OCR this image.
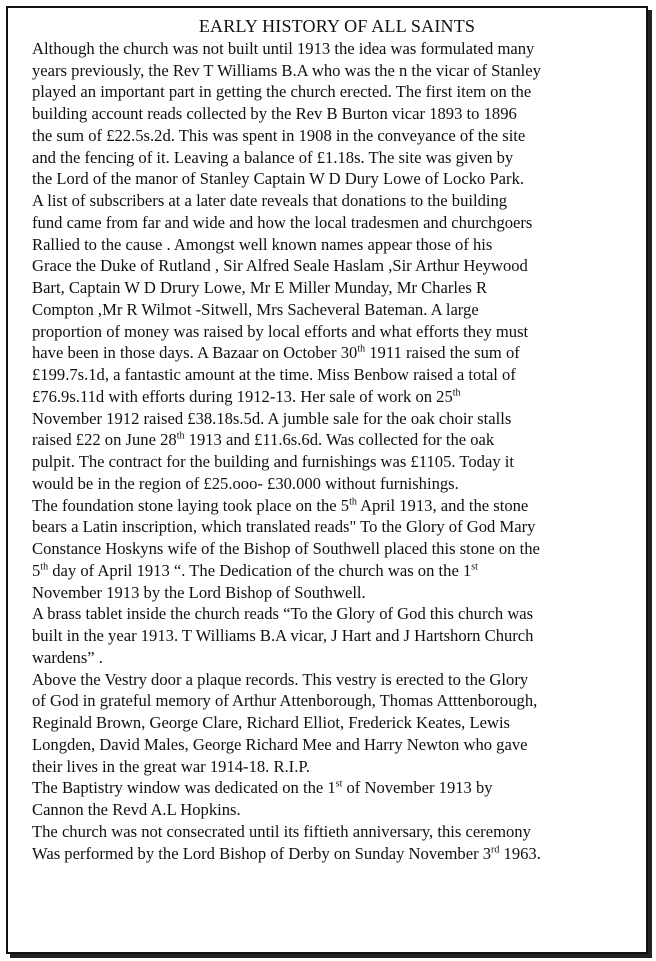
EARLY HISTORY OF ALL SAINTS
Although the church was not built until 1913 the idea was formulated many
years previously, the Rev T Williams B.A who was the n the vicar of Stanley
played an important part in getting the church erected. The first item on the
building account reads collected by the Rev B Burton vicar 1893 to 1896
the sum of £22.5s.2d. This was spent in 1908 in the conveyance of the site
and the fencing of it. Leaving a balance of £1.18s. The site was given by
the Lord of the manor of Stanley Captain W D Dury Lowe of Locko Park.
A list of subscribers at a later date reveals that donations to the building
fund came from far and wide and how the local tradesmen and churchgoers
Rallied to the cause . Amongst well known names appear those of his
Grace the Duke of Rutland , Sir Alfred Seale Haslam ,Sir Arthur Heywood
Bart, Captain W D Drury Lowe, Mr E Miller Munday, Mr Charles R
Compton ,Mr R Wilmot -Sitwell, Mrs Sacheveral Bateman. A large
proportion of money was raised by local efforts and what efforts they must
have been in those days. A Bazaar on October 30th 1911 raised the sum of
£199.7s.1d, a fantastic amount at the time. Miss Benbow raised a total of
£76.9s.11d with efforts during 1912-13. Her sale of work on 25th
November 1912 raised £38.18s.5d. A jumble sale for the oak choir stalls
raised £22 on June 28th 1913 and £11.6s.6d. Was collected for the oak
pulpit. The contract for the building and furnishings was £1105. Today it
would be in the region of £25.ooo- £30.000 without furnishings.
The foundation stone laying took place on the 5th April 1913, and the stone
bears a Latin inscription, which translated reads" To the Glory of God Mary
Constance Hoskyns wife of the Bishop of Southwell placed this stone on the
5th day of April 1913 “. The Dedication of the church was on the 1st
November 1913 by the Lord Bishop of Southwell.
A brass tablet inside the church reads “To the Glory of God this church was
built in the year 1913. T Williams B.A vicar, J Hart and J Hartshorn Church
wardens” .
Above the Vestry door a plaque records. This vestry is erected to the Glory
of God in grateful memory of Arthur Attenborough, Thomas Atttenborough,
Reginald Brown, George Clare, Richard Elliot, Frederick Keates, Lewis
Longden, David Males, George Richard Mee and Harry Newton who gave
their lives in the great war 1914-18. R.I.P.
The Baptistry window was dedicated on the 1st of November 1913 by
Cannon the Revd A.L Hopkins.
The church was not consecrated until its fiftieth anniversary, this ceremony
Was performed by the Lord Bishop of Derby on Sunday November 3rd 1963.
